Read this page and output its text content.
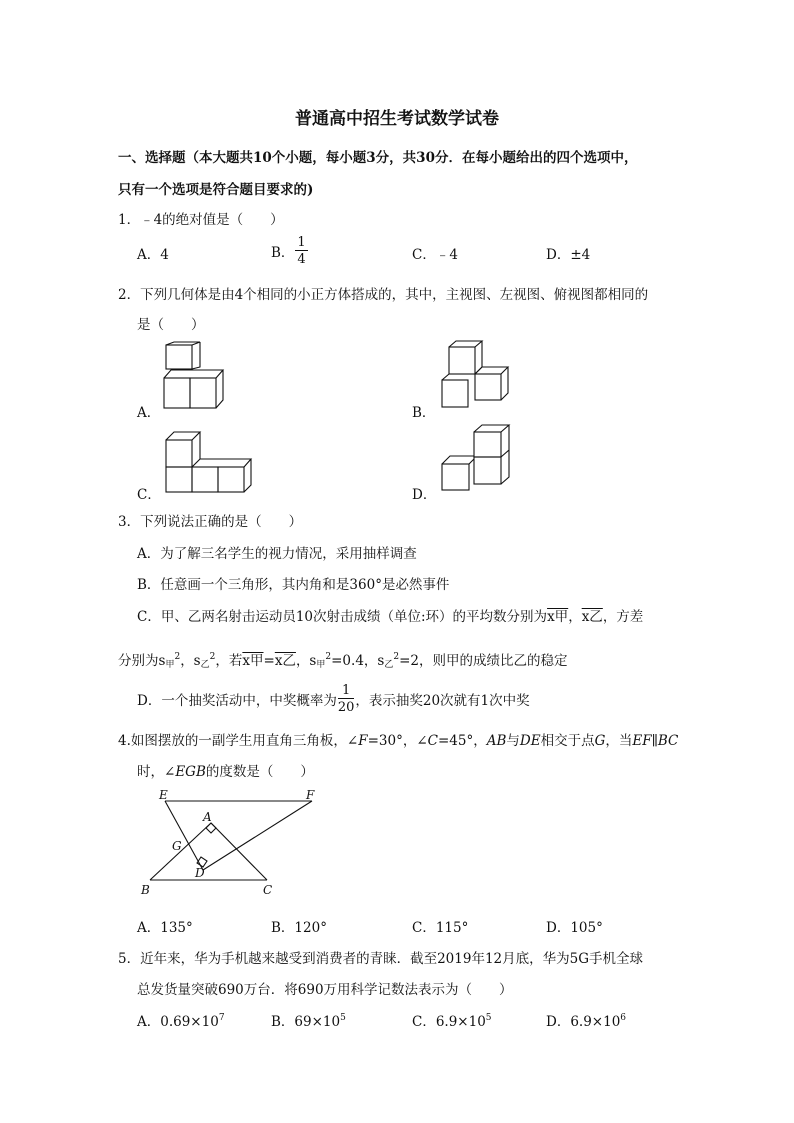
普通高中招生考试数学试卷
一、选择题（本大题共10个小题，每小题3分，共30分．在每小题给出的四个选项中，
只有一个选项是符合题目要求的)
1．﹣4的绝对值是（　　）
A．4	B． $\frac{1}{4}$	C．﹣4	D．±4
2．下列几何体是由4个相同的小正方体搭成的，其中，主视图、左视图、俯视图都相同的
是（　　）
A．	B．
C．	D．
3．下列说法正确的是（　　）
A．为了解三名学生的视力情况，采用抽样调查
B．任意画一个三角形，其内角和是360°是必然事件
C．甲、乙两名射击运动员10次射击成绩（单位:环）的平均数分别为x甲，x乙，方差
分别为$s_甲^2$，$s_乙^2$，若x甲=x乙，$s_甲^2=0.4$，$s_乙^2=2$，则甲的成绩比乙的稳定
D．一个抽奖活动中，中奖概率为 $\frac{1}{20}$ ，表示抽奖20次就有1次中奖
4.如图摆放的一副学生用直角三角板，∠F=30°，∠C=45°，AB与DE相交于点G，当EF∥BC
时，∠EGB的度数是（　　）
E	F
A
G
D
B	C
A．135°	B．120°	C．115°	D．105°
5．近年来，华为手机越来越受到消费者的青睐．截至2019年12月底，华为5G手机全球
总发货量突破690万台．将690万用科学记数法表示为（　　）
A．$0.69\times 10^7$	B．$69\times 10^5$	C．$6.9\times 10^5$	D．$6.9\times 10^6$
